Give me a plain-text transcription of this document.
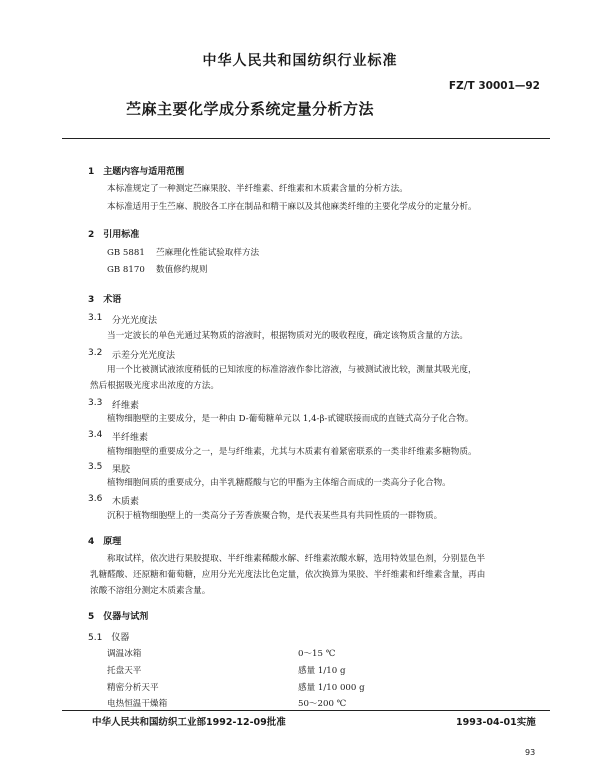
中华人民共和国纺织行业标准
FZ/T 30001—92
苎麻主要化学成分系统定量分析方法
1　主题内容与适用范围
本标准规定了一种测定苎麻果胶、半纤维素、纤维素和木质素含量的分析方法。
本标准适用于生苎麻、脱胶各工序在制品和精干麻以及其他麻类纤维的主要化学成分的定量分析。
2　引用标准
GB 5881 苎麻理化性能试验取样方法
GB 8170 数值修约规则
3　术语
3.1 分光光度法
当一定波长的单色光通过某物质的溶液时，根据物质对光的吸收程度，确定该物质含量的方法。
3.2 示差分光光度法
用一个比被测试液浓度稍低的已知浓度的标准溶液作参比溶液，与被测试液比较，测量其吸光度，
然后根据吸光度求出浓度的方法。
3.3 纤维素
植物细胞壁的主要成分，是一种由 D-葡萄糖单元以 1,4-β-甙键联接而成的直链式高分子化合物。
3.4 半纤维素
植物细胞壁的重要成分之一，是与纤维素，尤其与木质素有着紧密联系的一类非纤维素多糖物质。
3.5 果胶
植物细胞间质的重要成分，由半乳糖醛酸与它的甲酯为主体缩合而成的一类高分子化合物。
3.6 木质素
沉积于植物细胞壁上的一类高分子芳香族聚合物，是代表某些具有共同性质的一群物质。
4　原理
称取试样，依次进行果胶提取、半纤维素稀酸水解、纤维素浓酸水解，选用特效显色剂，分别显色半
乳糖醛酸、还原糖和葡萄糖，应用分光光度法比色定量，依次换算为果胶、半纤维素和纤维素含量，再由
浓酸不溶组分测定木质素含量。
5　仪器与试剂
5.1　仪器
调温冰箱	0～15 ℃
托盘天平	感量 1/10 g
精密分析天平	感量 1/10 000 g
电热恒温干燥箱	50～200 ℃
中华人民共和国纺织工业部1992-12-09批准	1993-04-01实施
93
